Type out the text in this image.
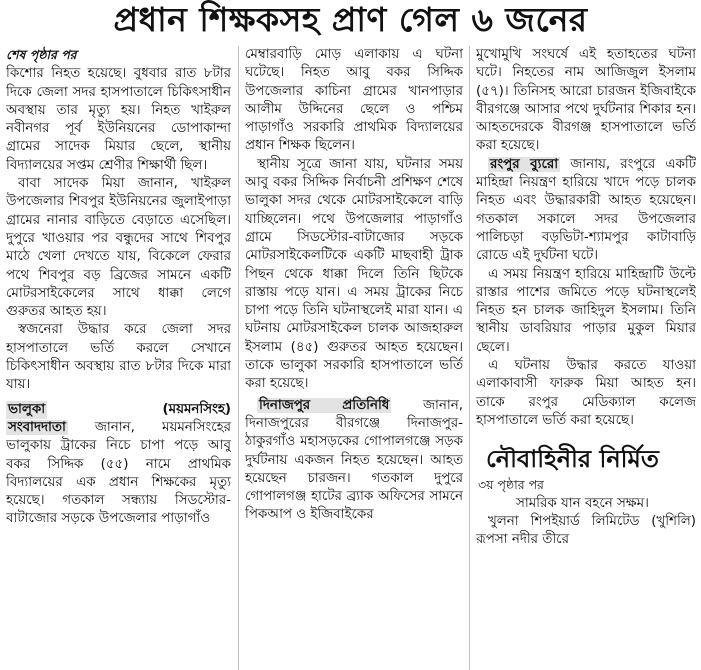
প্রধান শিক্ষকসহ প্রাণ গেল ৬ জনের
শেষ পৃষ্ঠার পর

কিশোর নিহত হয়েছে। বুধবার রাত ৮টার দিকে জেলা সদর হাসপাতালে চিকিৎসাধীন অবস্থায় তার মৃত্যু হয়। নিহত খাইরুল নবীনগর পূর্ব ইউনিয়নের ডোপাকান্দা গ্রামের সাদেক মিয়ার ছেলে, স্থানীয় বিদ্যালয়ের সপ্তম শ্রেণীর শিক্ষার্থী ছিল।

বাবা সাদেক মিয়া জানান, খাইরুল উপজেলার শিবপুর ইউনিয়নের জুলাইপাড়া গ্রামের নানার বাড়িতে বেড়াতে এসেছিল। দুপুরে খাওয়ার পর বন্ধুদের সাথে শিবপুর মাঠে খেলা দেখতে যায়, বিকেলে ফেরার পথে শিবপুর বড় ব্রিজের সামনে একটি মোটরসাইকেলের সাথে ধাক্কা লেগে গুরুতর আহত হয়।

স্বজনেরা উদ্ধার করে জেলা সদর হাসপাতালে ভর্তি করলে সেখানে চিকিৎসাধীন অবস্থায় রাত ৮টার দিকে মারা যায়।

ভালুকা	(ময়মনসিংহ)

সংবাদদাতা জানান, ময়মনসিংহের ভালুকায় ট্রাকের নিচে চাপা পড়ে আবু বকর সিদ্দিক (৫৫) নামে প্রাথমিক বিদ্যালয়ের এক প্রধান শিক্ষকের মৃত্যু হয়েছে। গতকাল সন্ধ্যায় সিডস্টোর-বাটাজোর সড়কে উপজেলার পাড়াগাঁও

মেম্বারবাড়ি মোড় এলাকায় এ ঘটনা ঘটেছে। নিহত আবু বকর সিদ্দিক উপজেলার কাচিনা গ্রামের খানপাড়ার আলীম উদ্দিনের ছেলে ও পশ্চিম পাড়াগাঁও সরকারি প্রাথমিক বিদ্যালয়ের প্রধান শিক্ষক ছিলেন।

স্থানীয় সূত্রে জানা যায়, ঘটনার সময় আবু বকর সিদ্দিক নির্বাচনী প্রশিক্ষণ শেষে ভালুকা সদর থেকে মোটরসাইকেলে বাড়ি যাচ্ছিলেন। পথে উপজেলার পাড়াগাঁও গ্রামে সিডস্টোর-বাটাজোর সড়কে মোটরসাইকেলটিকে একটি মাছবাহী ট্রাক পিছন থেকে ধাক্কা দিলে তিনি ছিটকে রাস্তায় পড়ে যান। এ সময় ট্রাকের নিচে চাপা পড়ে তিনি ঘটনাস্থলেই মারা যান। এ ঘটনায় মোটরসাইকেল চালক আজহারুল ইসলাম (৪৫) গুরুতর আহত হয়েছেন। তাকে ভালুকা সরকারি হাসপাতালে ভর্তি করা হয়েছে।

দিনাজপুর প্রতিনিধি জানান, দিনাজপুরের বীরগঞ্জে দিনাজপুর-ঠাকুরগাঁও মহাসড়কের গোপালগঞ্জে সড়ক দুর্ঘটনায় একজন নিহত হয়েছেন। আহত হয়েছেন চারজন। গতকাল দুপুরে গোপালগঞ্জ হাটের ব্র্যাক অফিসের সামনে পিকআপ ও ইজিবাইকের

মুখোমুখি সংঘর্ষে এই হতাহতের ঘটনা ঘটে। নিহতের নাম আজিজুল ইসলাম (৫৭)। তিনিসহ আরো চারজন ইজিবাইকে বীরগঞ্জে আসার পথে দুর্ঘটনার শিকার হন। আহতদেরকে বীরগঞ্জ হাসপাতালে ভর্তি করা হয়েছে।

রংপুর ব্যুরো জানায়, রংপুরে একটি মাহিন্দ্রা নিয়ন্ত্রণ হারিয়ে খাদে পড়ে চালক নিহত এবং উদ্ধারকারী আহত হয়েছেন। গতকাল সকালে সদর উপজেলার পালিচড়া বড়ভিটা-শ্যামপুর কাটাবাড়ি রোডে এই দুর্ঘটনা ঘটে।

এ সময় নিয়ন্ত্রণ হারিয়ে মাহিন্দ্রাটি উল্টে রাস্তার পাশের জমিতে পড়ে ঘটনাস্থলেই নিহত হন চালক জাহিদুল ইসলাম। তিনি স্থানীয় ডাবরিয়ার পাড়ার মুকুল মিয়ার ছেলে।

এ ঘটনায় উদ্ধার করতে যাওয়া এলাকাবাসী ফারুক মিয়া আহত হন। তাকে রংপুর মেডিক্যাল কলেজ হাসপাতালে ভর্তি করা হয়েছে।

নৌবাহিনীর নির্মিত
৩য় পৃষ্ঠার পর

সামরিক যান বহনে সক্ষম।

খুলনা শিপইয়ার্ড লিমিটেড (খুশিলি) রূপসা নদীর তীরে
